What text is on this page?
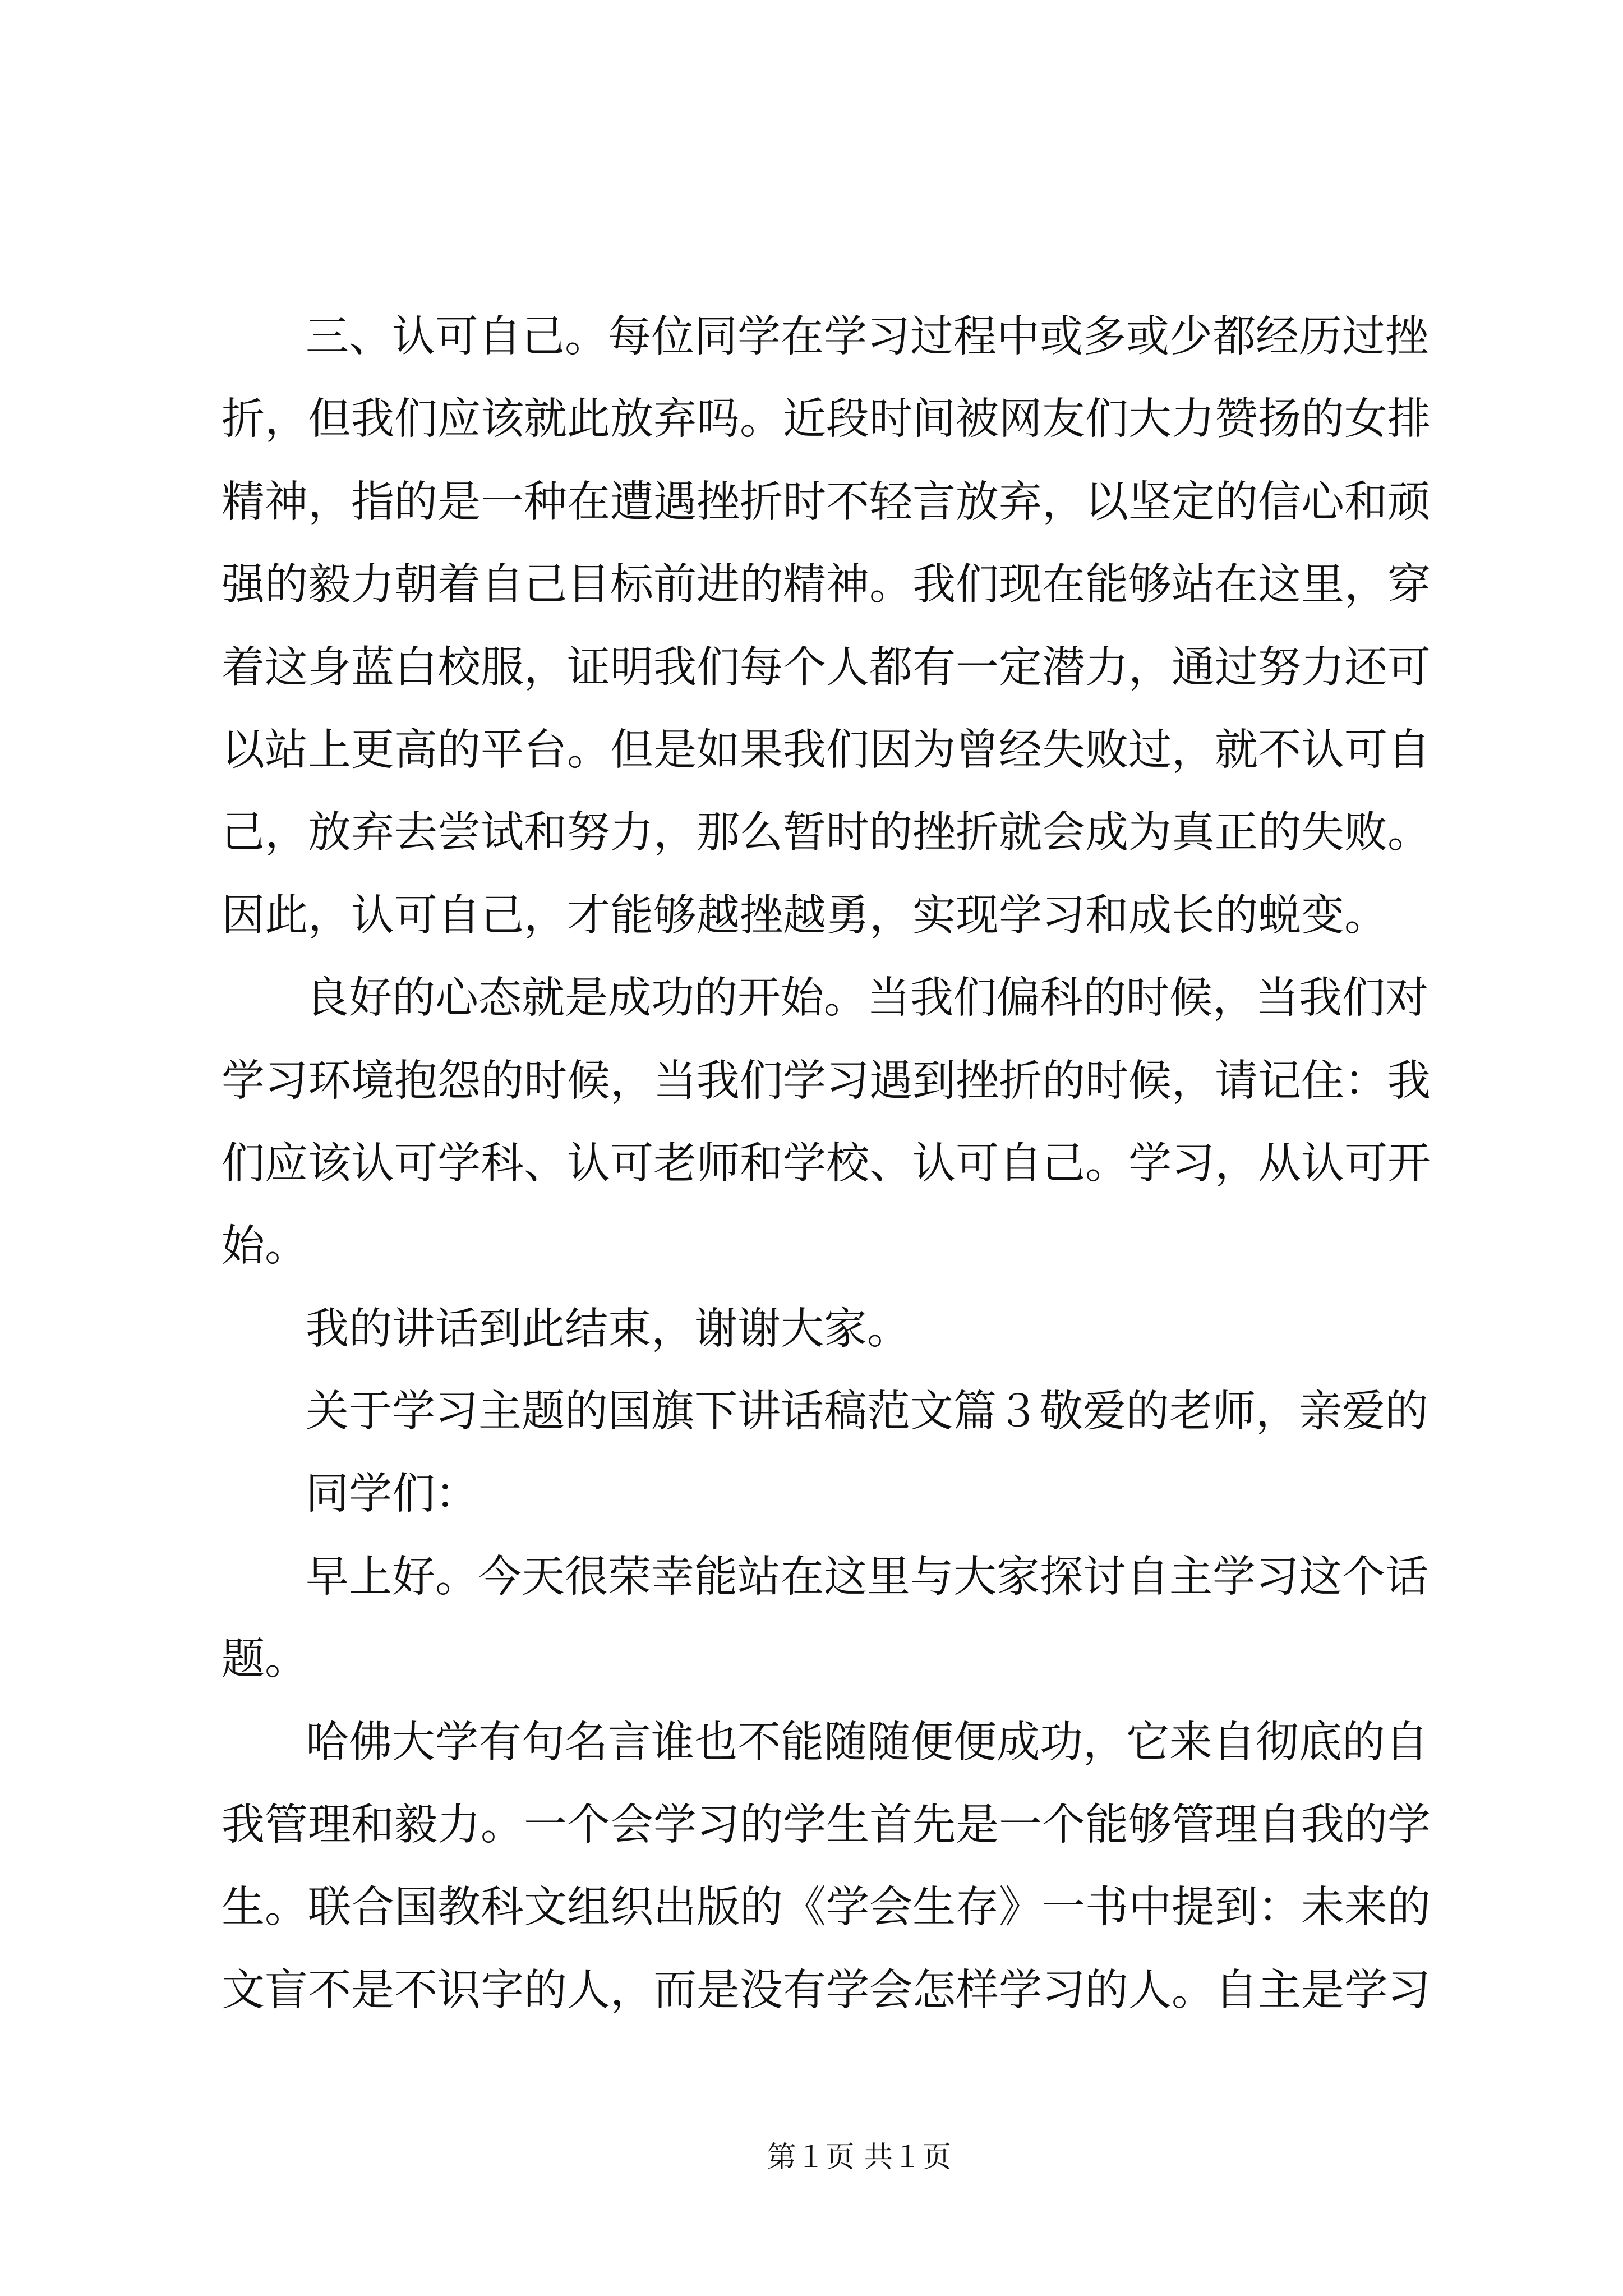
三、认可自己。每位同学在学习过程中或多或少都经历过挫
折，但我们应该就此放弃吗。近段时间被网友们大力赞扬的女排
精神，指的是一种在遭遇挫折时不轻言放弃，以坚定的信心和顽
强的毅力朝着自己目标前进的精神。我们现在能够站在这里，穿
着这身蓝白校服，证明我们每个人都有一定潜力，通过努力还可
以站上更高的平台。但是如果我们因为曾经失败过，就不认可自
己，放弃去尝试和努力，那么暂时的挫折就会成为真正的失败。
因此，认可自己，才能够越挫越勇，实现学习和成长的蜕变。
良好的心态就是成功的开始。当我们偏科的时候，当我们对
学习环境抱怨的时候，当我们学习遇到挫折的时候，请记住：我
们应该认可学科、认可老师和学校、认可自己。学习，从认可开
始。
我的讲话到此结束，谢谢大家。
关于学习主题的国旗下讲话稿范文篇３敬爱的老师，亲爱的
同学们：
早上好。今天很荣幸能站在这里与大家探讨自主学习这个话
题。
哈佛大学有句名言谁也不能随随便便成功，它来自彻底的自
我管理和毅力。一个会学习的学生首先是一个能够管理自我的学
生。联合国教科文组织出版的《学会生存》一书中提到：未来的
文盲不是不识字的人，而是没有学会怎样学习的人。自主是学习
第１页 共１页
